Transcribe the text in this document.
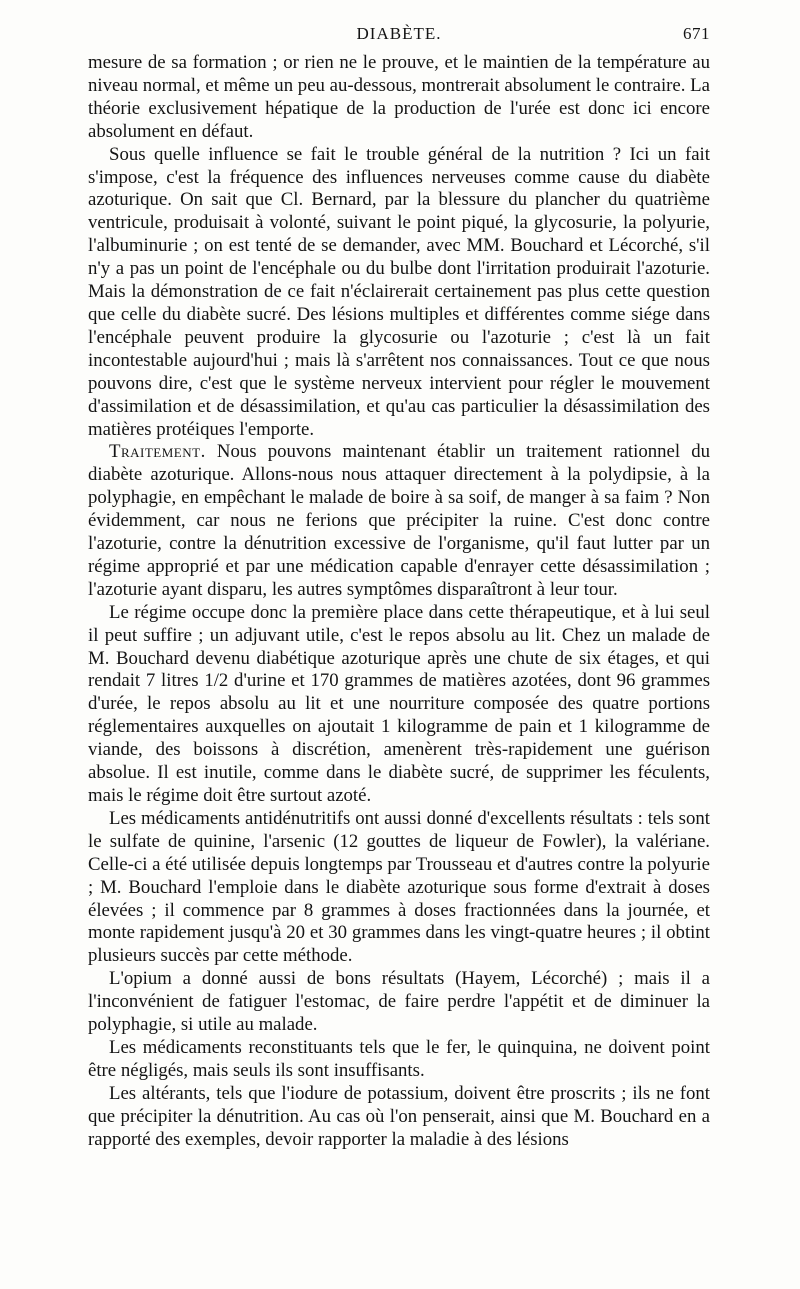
DIABÈTE.	671

mesure de sa formation ; or rien ne le prouve, et le maintien de la température au niveau normal, et même un peu au-dessous, montrerait absolument le contraire. La théorie exclusivement hépatique de la production de l'urée est donc ici encore absolument en défaut.

Sous quelle influence se fait le trouble général de la nutrition ? Ici un fait s'impose, c'est la fréquence des influences nerveuses comme cause du diabète azoturique. On sait que Cl. Bernard, par la blessure du plancher du quatrième ventricule, produisait à volonté, suivant le point piqué, la glycosurie, la polyurie, l'albuminurie ; on est tenté de se demander, avec MM. Bouchard et Lécorché, s'il n'y a pas un point de l'encéphale ou du bulbe dont l'irritation produirait l'azoturie. Mais la démonstration de ce fait n'éclairerait certainement pas plus cette question que celle du diabète sucré. Des lésions multiples et différentes comme siége dans l'encéphale peuvent produire la glycosurie ou l'azoturie ; c'est là un fait incontestable aujourd'hui ; mais là s'arrêtent nos connaissances. Tout ce que nous pouvons dire, c'est que le système nerveux intervient pour régler le mouvement d'assimilation et de désassimilation, et qu'au cas particulier la désassimilation des matières protéiques l'emporte.

Traitement. Nous pouvons maintenant établir un traitement rationnel du diabète azoturique. Allons-nous nous attaquer directement à la polydipsie, à la polyphagie, en empêchant le malade de boire à sa soif, de manger à sa faim ? Non évidemment, car nous ne ferions que précipiter la ruine. C'est donc contre l'azoturie, contre la dénutrition excessive de l'organisme, qu'il faut lutter par un régime approprié et par une médication capable d'enrayer cette désassimilation ; l'azoturie ayant disparu, les autres symptômes disparaîtront à leur tour.

Le régime occupe donc la première place dans cette thérapeutique, et à lui seul il peut suffire ; un adjuvant utile, c'est le repos absolu au lit. Chez un malade de M. Bouchard devenu diabétique azoturique après une chute de six étages, et qui rendait 7 litres 1/2 d'urine et 170 grammes de matières azotées, dont 96 grammes d'urée, le repos absolu au lit et une nourriture composée des quatre portions réglementaires auxquelles on ajoutait 1 kilogramme de pain et 1 kilogramme de viande, des boissons à discrétion, amenèrent très-rapidement une guérison absolue. Il est inutile, comme dans le diabète sucré, de supprimer les féculents, mais le régime doit être surtout azoté.

Les médicaments antidénutritifs ont aussi donné d'excellents résultats : tels sont le sulfate de quinine, l'arsenic (12 gouttes de liqueur de Fowler), la valériane. Celle-ci a été utilisée depuis longtemps par Trousseau et d'autres contre la polyurie ; M. Bouchard l'emploie dans le diabète azoturique sous forme d'extrait à doses élevées ; il commence par 8 grammes à doses fractionnées dans la journée, et monte rapidement jusqu'à 20 et 30 grammes dans les vingt-quatre heures ; il obtint plusieurs succès par cette méthode.

L'opium a donné aussi de bons résultats (Hayem, Lécorché) ; mais il a l'inconvénient de fatiguer l'estomac, de faire perdre l'appétit et de diminuer la polyphagie, si utile au malade.

Les médicaments reconstituants tels que le fer, le quinquina, ne doivent point être négligés, mais seuls ils sont insuffisants.

Les altérants, tels que l'iodure de potassium, doivent être proscrits ; ils ne font que précipiter la dénutrition. Au cas où l'on penserait, ainsi que M. Bouchard en a rapporté des exemples, devoir rapporter la maladie à des lésions
